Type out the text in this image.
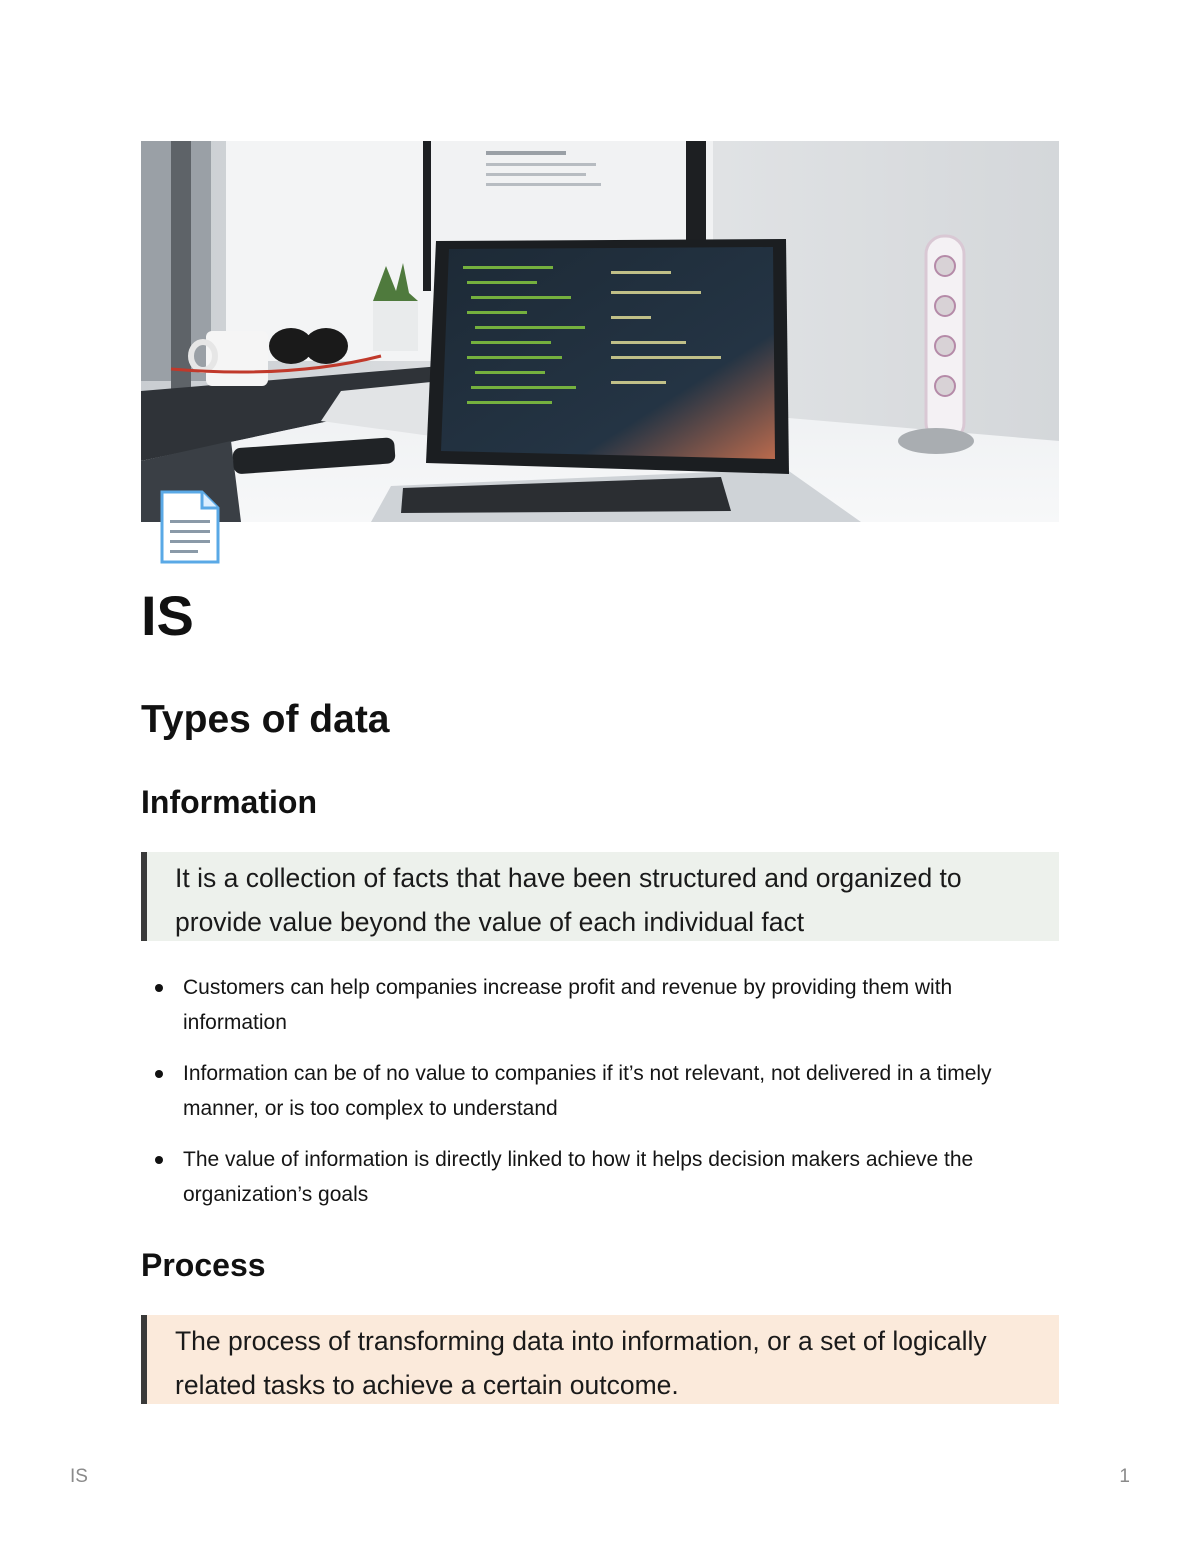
IS
Types of data
Information
It is a collection of facts that have been structured and organized to provide value beyond the value of each individual fact
Customers can help companies increase profit and revenue by providing them with information
Information can be of no value to companies if it’s not relevant, not delivered in a timely manner, or is too complex to understand
The value of information is directly linked to how it helps decision makers achieve the organization’s goals
Process
The process of transforming data into information, or a set of logically related tasks to achieve a certain outcome.
IS	1
